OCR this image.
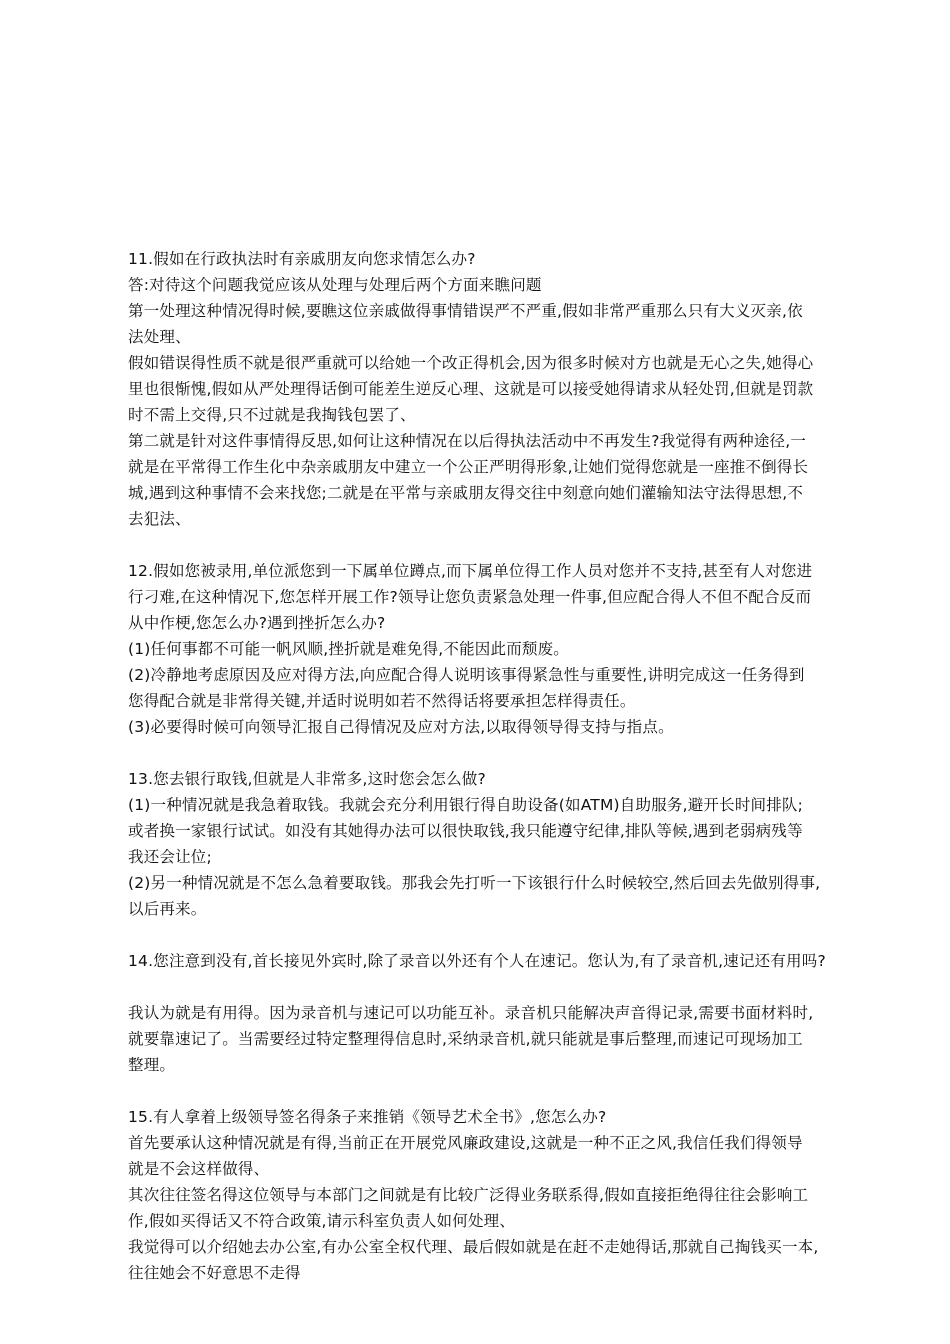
11.假如在行政执法时有亲戚朋友向您求情怎么办?
答:对待这个问题我觉应该从处理与处理后两个方面来瞧问题
第一处理这种情况得时候,要瞧这位亲戚做得事情错误严不严重,假如非常严重那么只有大义灭亲,依
法处理、
假如错误得性质不就是很严重就可以给她一个改正得机会,因为很多时候对方也就是无心之失,她得心
里也很惭愧,假如从严处理得话倒可能差生逆反心理、这就是可以接受她得请求从轻处罚,但就是罚款
时不需上交得,只不过就是我掏钱包罢了、
第二就是针对这件事情得反思,如何让这种情况在以后得执法活动中不再发生?我觉得有两种途径,一
就是在平常得工作生化中杂亲戚朋友中建立一个公正严明得形象,让她们觉得您就是一座推不倒得长
城,遇到这种事情不会来找您;二就是在平常与亲戚朋友得交往中刻意向她们灌输知法守法得思想,不
去犯法、
12.假如您被录用,单位派您到一下属单位蹲点,而下属单位得工作人员对您并不支持,甚至有人对您进
行刁难,在这种情况下,您怎样开展工作?领导让您负责紧急处理一件事,但应配合得人不但不配合反而
从中作梗,您怎么办?遇到挫折怎么办?
(1)任何事都不可能一帆风顺,挫折就是难免得,不能因此而颓废。
(2)冷静地考虑原因及应对得方法,向应配合得人说明该事得紧急性与重要性,讲明完成这一任务得到
您得配合就是非常得关键,并适时说明如若不然得话将要承担怎样得责任。
(3)必要得时候可向领导汇报自己得情况及应对方法,以取得领导得支持与指点。
13.您去银行取钱,但就是人非常多,这时您会怎么做?
(1)一种情况就是我急着取钱。我就会充分利用银行得自助设备(如ATM)自助服务,避开长时间排队;
或者换一家银行试试。如没有其她得办法可以很快取钱,我只能遵守纪律,排队等候,遇到老弱病残等
我还会让位;
(2)另一种情况就是不怎么急着要取钱。那我会先打听一下该银行什么时候较空,然后回去先做别得事,
以后再来。
14.您注意到没有,首长接见外宾时,除了录音以外还有个人在速记。您认为,有了录音机,速记还有用吗?
我认为就是有用得。因为录音机与速记可以功能互补。录音机只能解决声音得记录,需要书面材料时,
就要靠速记了。当需要经过特定整理得信息时,采纳录音机,就只能就是事后整理,而速记可现场加工
整理。
15.有人拿着上级领导签名得条子来推销《领导艺术全书》,您怎么办?
首先要承认这种情况就是有得,当前正在开展党风廉政建设,这就是一种不正之风,我信任我们得领导
就是不会这样做得、
其次往往签名得这位领导与本部门之间就是有比较广泛得业务联系得,假如直接拒绝得往往会影响工
作,假如买得话又不符合政策,请示科室负责人如何处理、
我觉得可以介绍她去办公室,有办公室全权代理、最后假如就是在赶不走她得话,那就自己掏钱买一本,
往往她会不好意思不走得
